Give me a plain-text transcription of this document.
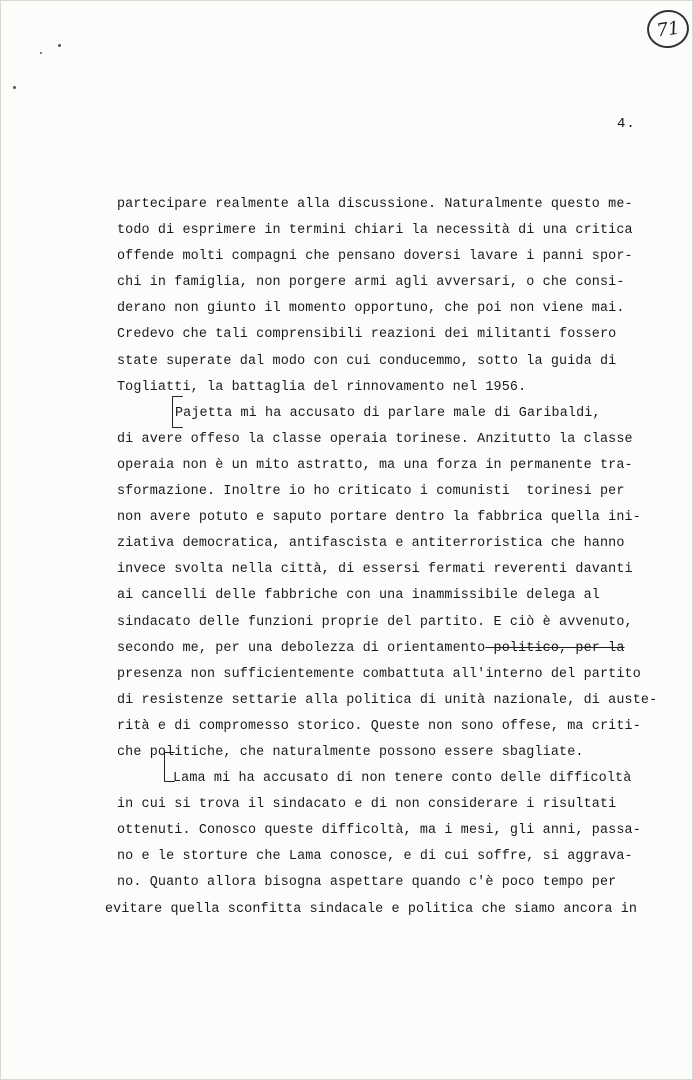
71
4.
partecipare realmente alla discussione. Naturalmente questo me-
todo di esprimere in termini chiari la necessità di una critica
offende molti compagni che pensano doversi lavare i panni spor-
chi in famiglia, non porgere armi agli avversari, o che consi-
derano non giunto il momento opportuno, che poi non viene mai.
Credevo che tali comprensibili reazioni dei militanti fossero
state superate dal modo con cui conducemmo, sotto la guida di
Togliatti, la battaglia del rinnovamento nel 1956.
Pajetta mi ha accusato di parlare male di Garibaldi,
di avere offeso la classe operaia torinese. Anzitutto la classe
operaia non è un mito astratto, ma una forza in permanente tra-
sformazione. Inoltre io ho criticato i comunisti  torinesi per
non avere potuto e saputo portare dentro la fabbrica quella ini-
ziativa democratica, antifascista e antiterroristica che hanno
invece svolta nella città, di essersi fermati reverenti davanti
ai cancelli delle fabbriche con una inammissibile delega al
sindacato delle funzioni proprie del partito. E ciò è avvenuto,
secondo me, per una debolezza di orientamento politico, per la
presenza non sufficientemente combattuta all'interno del partito
di resistenze settarie alla politica di unità nazionale, di auste-
rità e di compromesso storico. Queste non sono offese, ma criti-
che politiche, che naturalmente possono essere sbagliate.
Lama mi ha accusato di non tenere conto delle difficoltà
in cui si trova il sindacato e di non considerare i risultati
ottenuti. Conosco queste difficoltà, ma i mesi, gli anni, passa-
no e le storture che Lama conosce, e di cui soffre, si aggrava-
no. Quanto allora bisogna aspettare quando c'è poco tempo per
evitare quella sconfitta sindacale e politica che siamo ancora in
